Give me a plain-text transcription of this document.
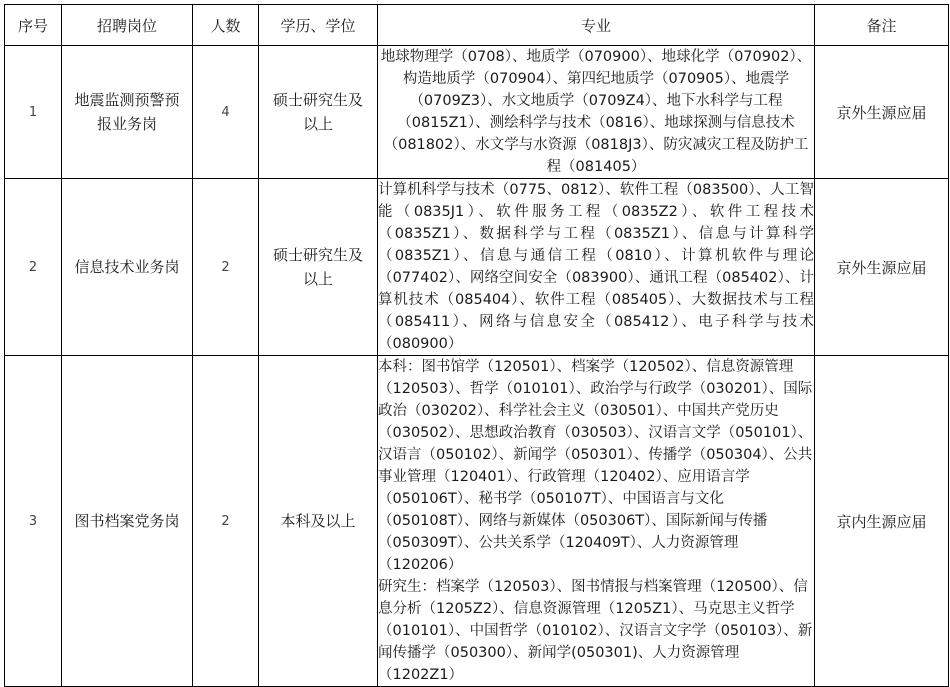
序号	招聘岗位	人数	学历、学位	专业	备注
1	地震监测预警预报业务岗	4	硕士研究生及以上	地球物理学（0708）、地质学（070900）、地球化学（070902）、构造地质学（070904）、第四纪地质学（070905）、地震学（0709Z3）、水文地质学（0709Z4）、地下水科学与工程（0815Z1）、测绘科学与技术（0816）、地球探测与信息技术（081802）、水文学与水资源（0818J3）、防灾减灾工程及防护工程（081405）	京外生源应届
2	信息技术业务岗	2	硕士研究生及以上	计算机科学与技术（0775、0812）、软件工程（083500）、人工智能（0835J1）、软件服务工程（0835Z2）、软件工程技术（0835Z1）、数据科学与工程（0835Z1）、信息与计算科学（0835Z1）、信息与通信工程（0810）、计算机软件与理论（077402）、网络空间安全（083900）、通讯工程（085402）、计算机技术（085404）、软件工程（085405）、大数据技术与工程（085411）、网络与信息安全（085412）、电子科学与技术（080900）	京外生源应届
3	图书档案党务岗	2	本科及以上	本科：图书馆学（120501）、档案学（120502）、信息资源管理（120503）、哲学（010101）、政治学与行政学（030201）、国际政治（030202）、科学社会主义（030501）、中国共产党历史（030502）、思想政治教育（030503）、汉语言文学（050101）、汉语言（050102）、新闻学（050301）、传播学（050304）、公共事业管理（120401）、行政管理（120402）、应用语言学（050106T）、秘书学（050107T）、中国语言与文化（050108T）、网络与新媒体（050306T）、国际新闻与传播（050309T）、公共关系学（120409T）、人力资源管理（120206）
研究生：档案学（120503）、图书情报与档案管理（120500）、信息分析（1205Z2）、信息资源管理（1205Z1）、马克思主义哲学（010101）、中国哲学（010102）、汉语言文字学（050103）、新闻传播学（050300）、新闻学(050301)、人力资源管理（1202Z1）	京内生源应届
